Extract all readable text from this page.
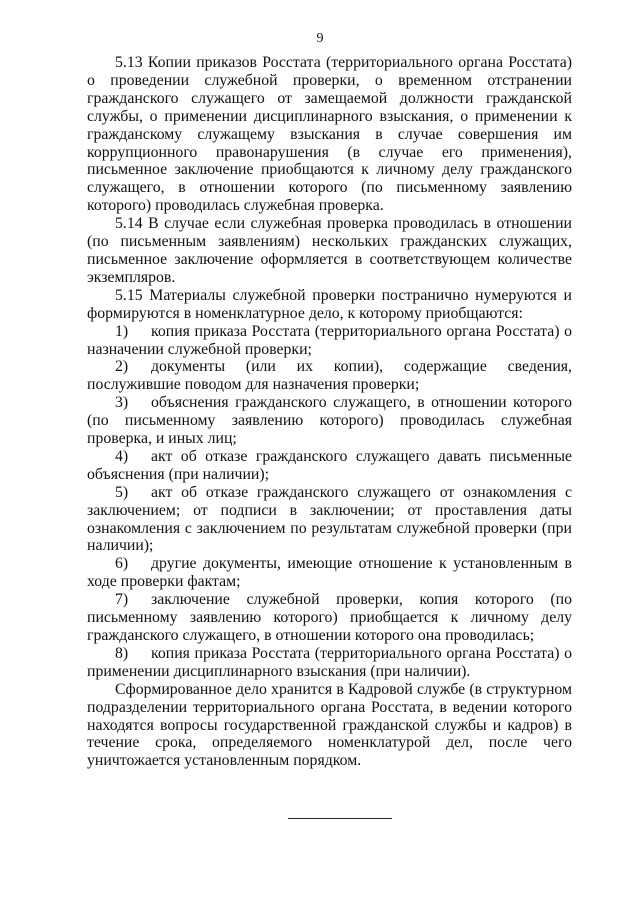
9

5.13 Копии приказов Росстата (территориального органа Росстата) о проведении служебной проверки, о временном отстранении гражданского служащего от замещаемой должности гражданской службы, о применении дисциплинарного взыскания, о применении к гражданскому служащему взыскания в случае совершения им коррупционного правонарушения (в случае его применения), письменное заключение приобщаются к личному делу гражданского служащего, в отношении которого (по письменному заявлению которого) проводилась служебная проверка.

5.14 В случае если служебная проверка проводилась в отношении (по письменным заявлениям) нескольких гражданских служащих, письменное заключение оформляется в соответствующем количестве экземпляров.

5.15 Материалы служебной проверки постранично нумеруются и формируются в номенклатурное дело, к которому приобщаются:

1) копия приказа Росстата (территориального органа Росстата) о назначении служебной проверки;

2) документы (или их копии), содержащие сведения, послужившие поводом для назначения проверки;

3) объяснения гражданского служащего, в отношении которого (по письменному заявлению которого) проводилась служебная проверка, и иных лиц;

4) акт об отказе гражданского служащего давать письменные объяснения (при наличии);

5) акт об отказе гражданского служащего от ознакомления с заключением; от подписи в заключении; от проставления даты ознакомления с заключением по результатам служебной проверки (при наличии);

6) другие документы, имеющие отношение к установленным в ходе проверки фактам;

7) заключение служебной проверки, копия которого (по письменному заявлению которого) приобщается к личному делу гражданского служащего, в отношении которого она проводилась;

8) копия приказа Росстата (территориального органа Росстата) о применении дисциплинарного взыскания (при наличии).

Сформированное дело хранится в Кадровой службе (в структурном подразделении территориального органа Росстата, в ведении которого находятся вопросы государственной гражданской службы и кадров) в течение срока, определяемого номенклатурой дел, после чего уничтожается установленным порядком.
